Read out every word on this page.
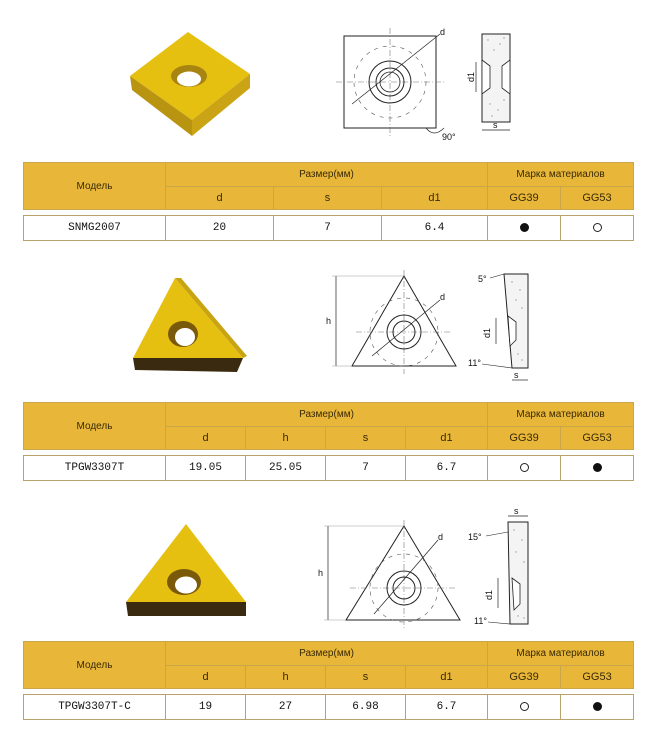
d
90°
d1
s
Модель	Размер(мм)			Марка материалов	
	d	s	d1	GG39	GG53

SNMG2007	20	7	6.4		
h
d
5°
d1
11°
s
Модель	Размер(мм)				Марка материалов	
	d	h	s	d1	GG39	GG53

TPGW3307T	19.05	25.05	7	6.7		
h
d
s
15°
d1
11°
Модель	Размер(мм)				Марка материалов	
	d	h	s	d1	GG39	GG53

TPGW3307T-C	19	27	6.98	6.7		
